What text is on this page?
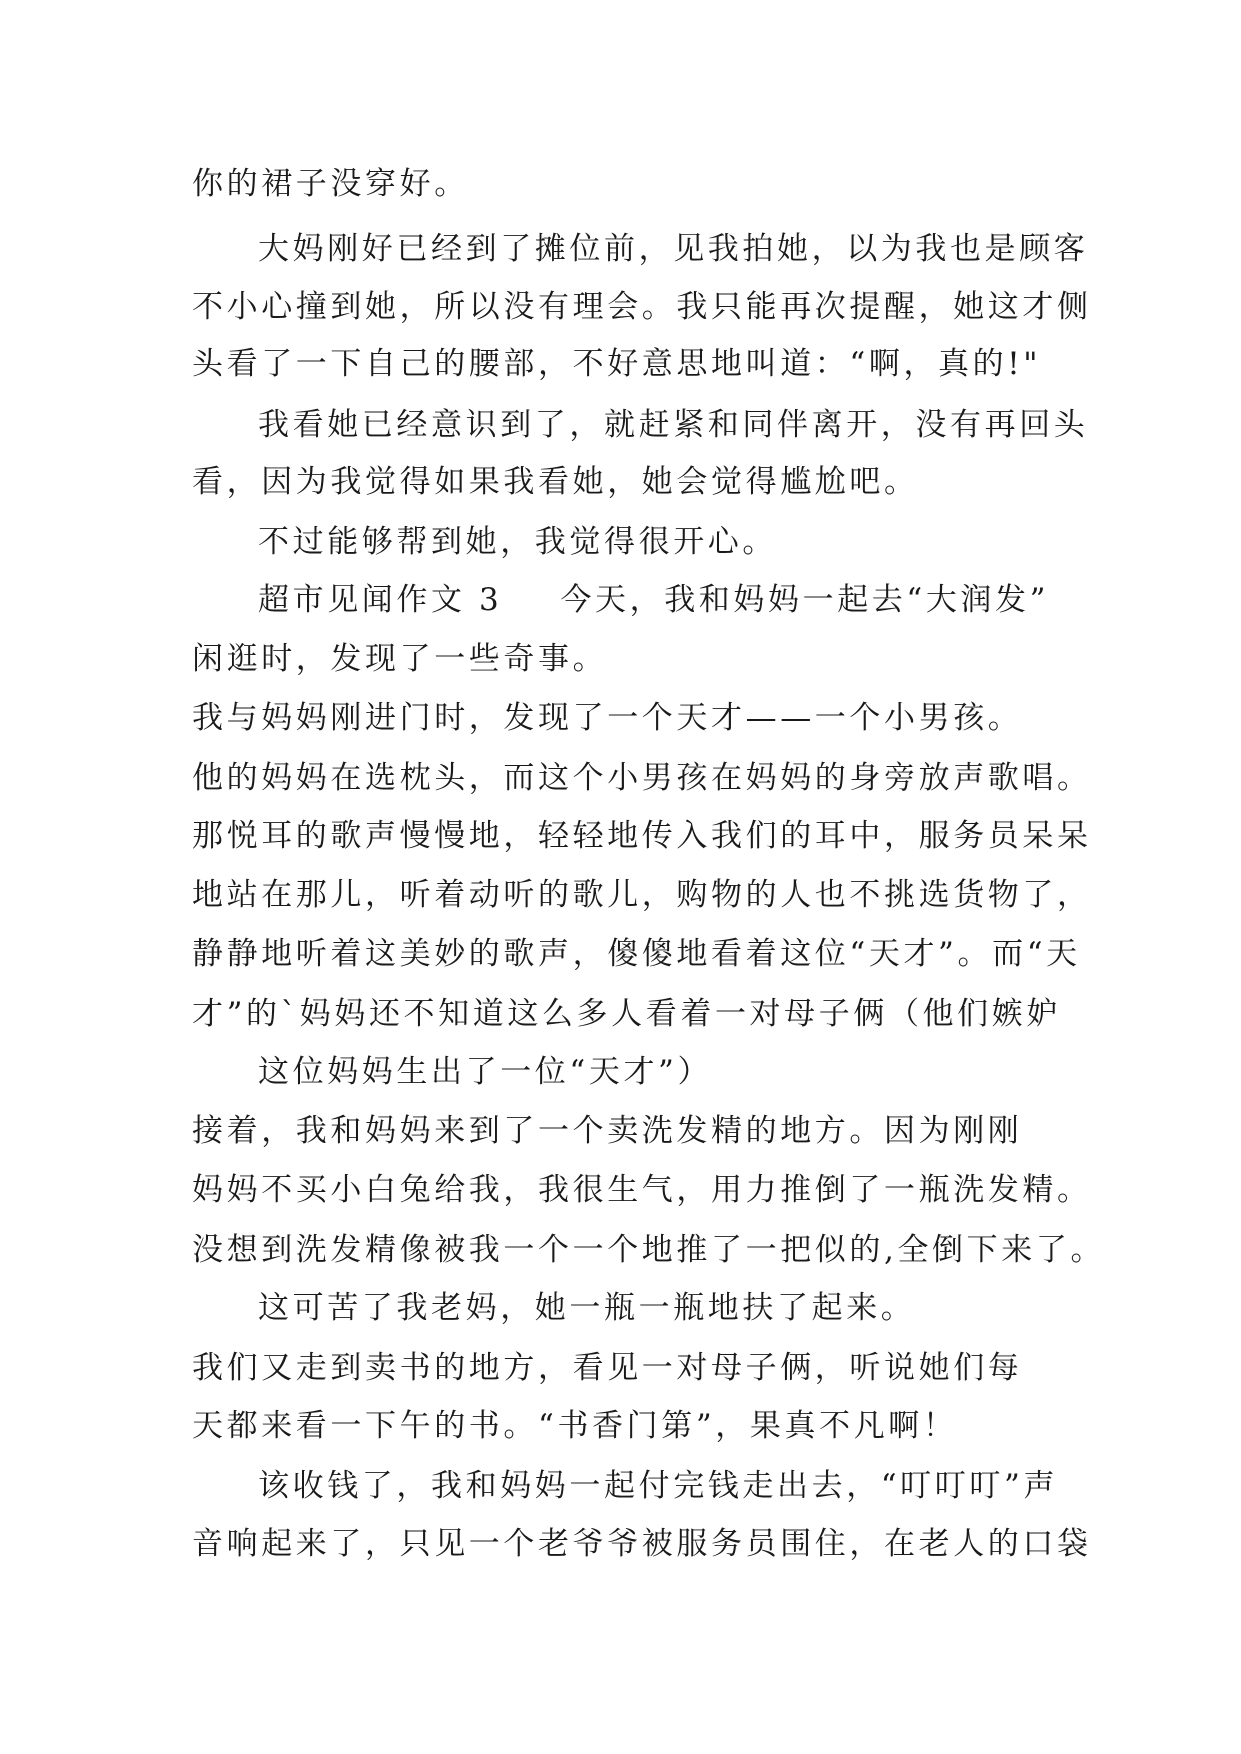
你的裙子没穿好。

大妈刚好已经到了摊位前，见我拍她，以为我也是顾客

不小心撞到她，所以没有理会。我只能再次提醒，她这才侧

头看了一下自己的腰部，不好意思地叫道：“啊，真的!"

我看她已经意识到了，就赶紧和同伴离开，没有再回头

看，因为我觉得如果我看她，她会觉得尴尬吧。

不过能够帮到她，我觉得很开心。

超市见闻作文 3 今天，我和妈妈一起去“大润发”

闲逛时，发现了一些奇事。

我与妈妈刚进门时，发现了一个天才——一个小男孩。

他的妈妈在选枕头，而这个小男孩在妈妈的身旁放声歌唱。

那悦耳的歌声慢慢地，轻轻地传入我们的耳中，服务员呆呆

地站在那儿，听着动听的歌儿，购物的人也不挑选货物了，

静静地听着这美妙的歌声，傻傻地看着这位“天才”。而“天

才”的`妈妈还不知道这么多人看着一对母子俩（他们嫉妒

这位妈妈生出了一位“天才”）

接着，我和妈妈来到了一个卖洗发精的地方。因为刚刚

妈妈不买小白兔给我，我很生气，用力推倒了一瓶洗发精。

没想到洗发精像被我一个一个地推了一把似的,全倒下来了。

这可苦了我老妈，她一瓶一瓶地扶了起来。

我们又走到卖书的地方，看见一对母子俩，听说她们每

天都来看一下午的书。“书香门第”，果真不凡啊！

该收钱了，我和妈妈一起付完钱走出去，“叮叮叮”声

音响起来了，只见一个老爷爷被服务员围住，在老人的口袋
